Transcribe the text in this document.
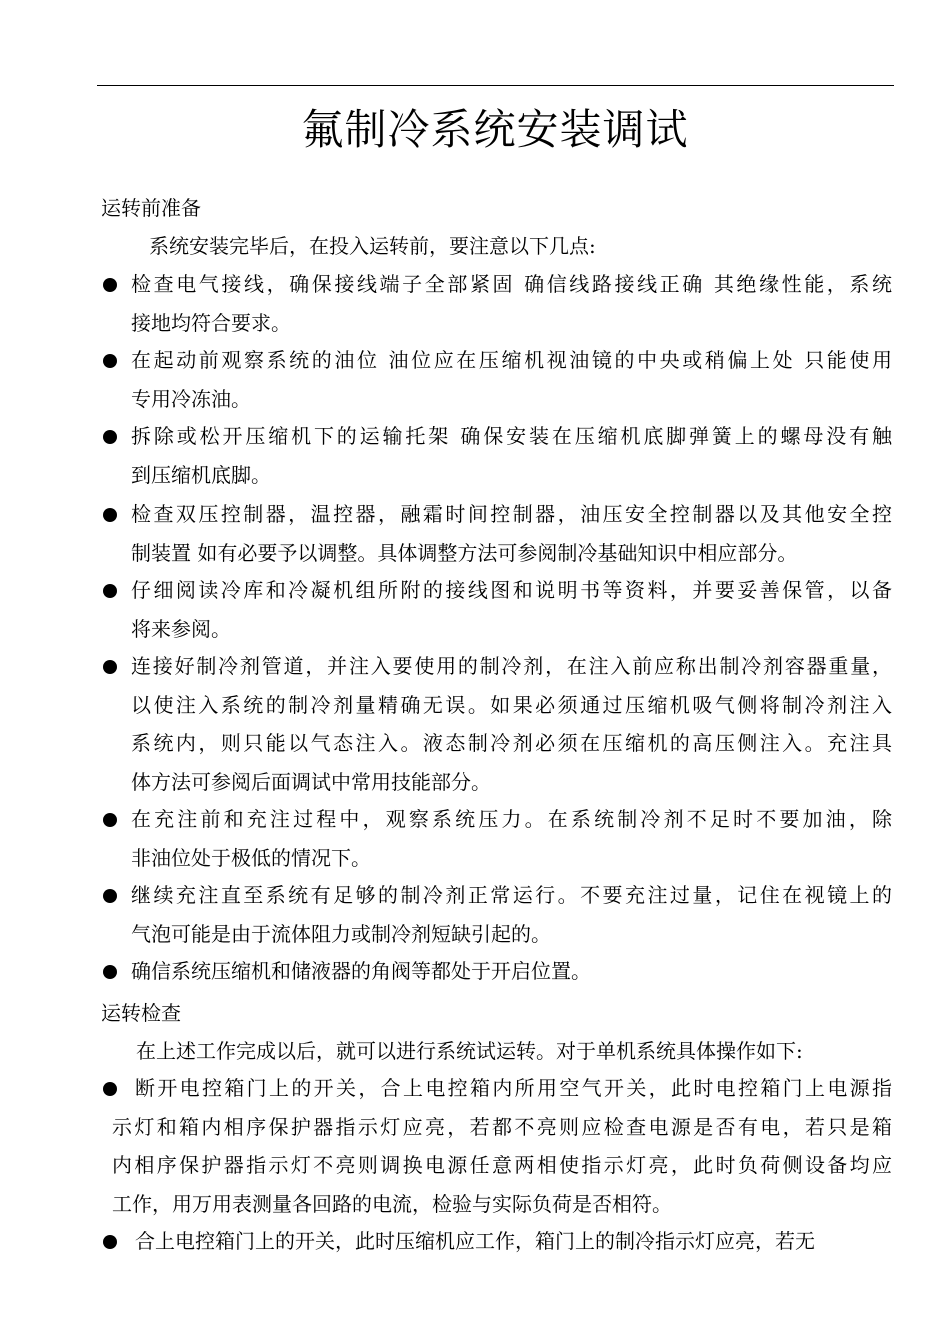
氟制冷系统安装调试
运转前准备
系统安装完毕后，在投入运转前，要注意以下几点:
检查电气接线，确保接线端子全部紧固 确信线路接线正确 其绝缘性能，系统
接地均符合要求。
在起动前观察系统的油位 油位应在压缩机视油镜的中央或稍偏上处 只能使用
专用冷冻油。
拆除或松开压缩机下的运输托架 确保安装在压缩机底脚弹簧上的螺母没有触
到压缩机底脚。
检查双压控制器，温控器，融霜时间控制器，油压安全控制器以及其他安全控
制装置 如有必要予以调整。具体调整方法可参阅制冷基础知识中相应部分。
仔细阅读冷库和冷凝机组所附的接线图和说明书等资料，并要妥善保管，以备
将来参阅。
连接好制冷剂管道，并注入要使用的制冷剂，在注入前应称出制冷剂容器重量，
以使注入系统的制冷剂量精确无误。如果必须通过压缩机吸气侧将制冷剂注入
系统内，则只能以气态注入。液态制冷剂必须在压缩机的高压侧注入。充注具
体方法可参阅后面调试中常用技能部分。
在充注前和充注过程中，观察系统压力。在系统制冷剂不足时不要加油，除
非油位处于极低的情况下。
继续充注直至系统有足够的制冷剂正常运行。不要充注过量，记住在视镜上的
气泡可能是由于流体阻力或制冷剂短缺引起的。
确信系统压缩机和储液器的角阀等都处于开启位置。
运转检查
在上述工作完成以后，就可以进行系统试运转。对于单机系统具体操作如下:
断开电控箱门上的开关，合上电控箱内所用空气开关，此时电控箱门上电源指
示灯和箱内相序保护器指示灯应亮，若都不亮则应检查电源是否有电，若只是箱
内相序保护器指示灯不亮则调换电源任意两相使指示灯亮，此时负荷侧设备均应
工作，用万用表测量各回路的电流，检验与实际负荷是否相符。
合上电控箱门上的开关，此时压缩机应工作，箱门上的制冷指示灯应亮，若无
